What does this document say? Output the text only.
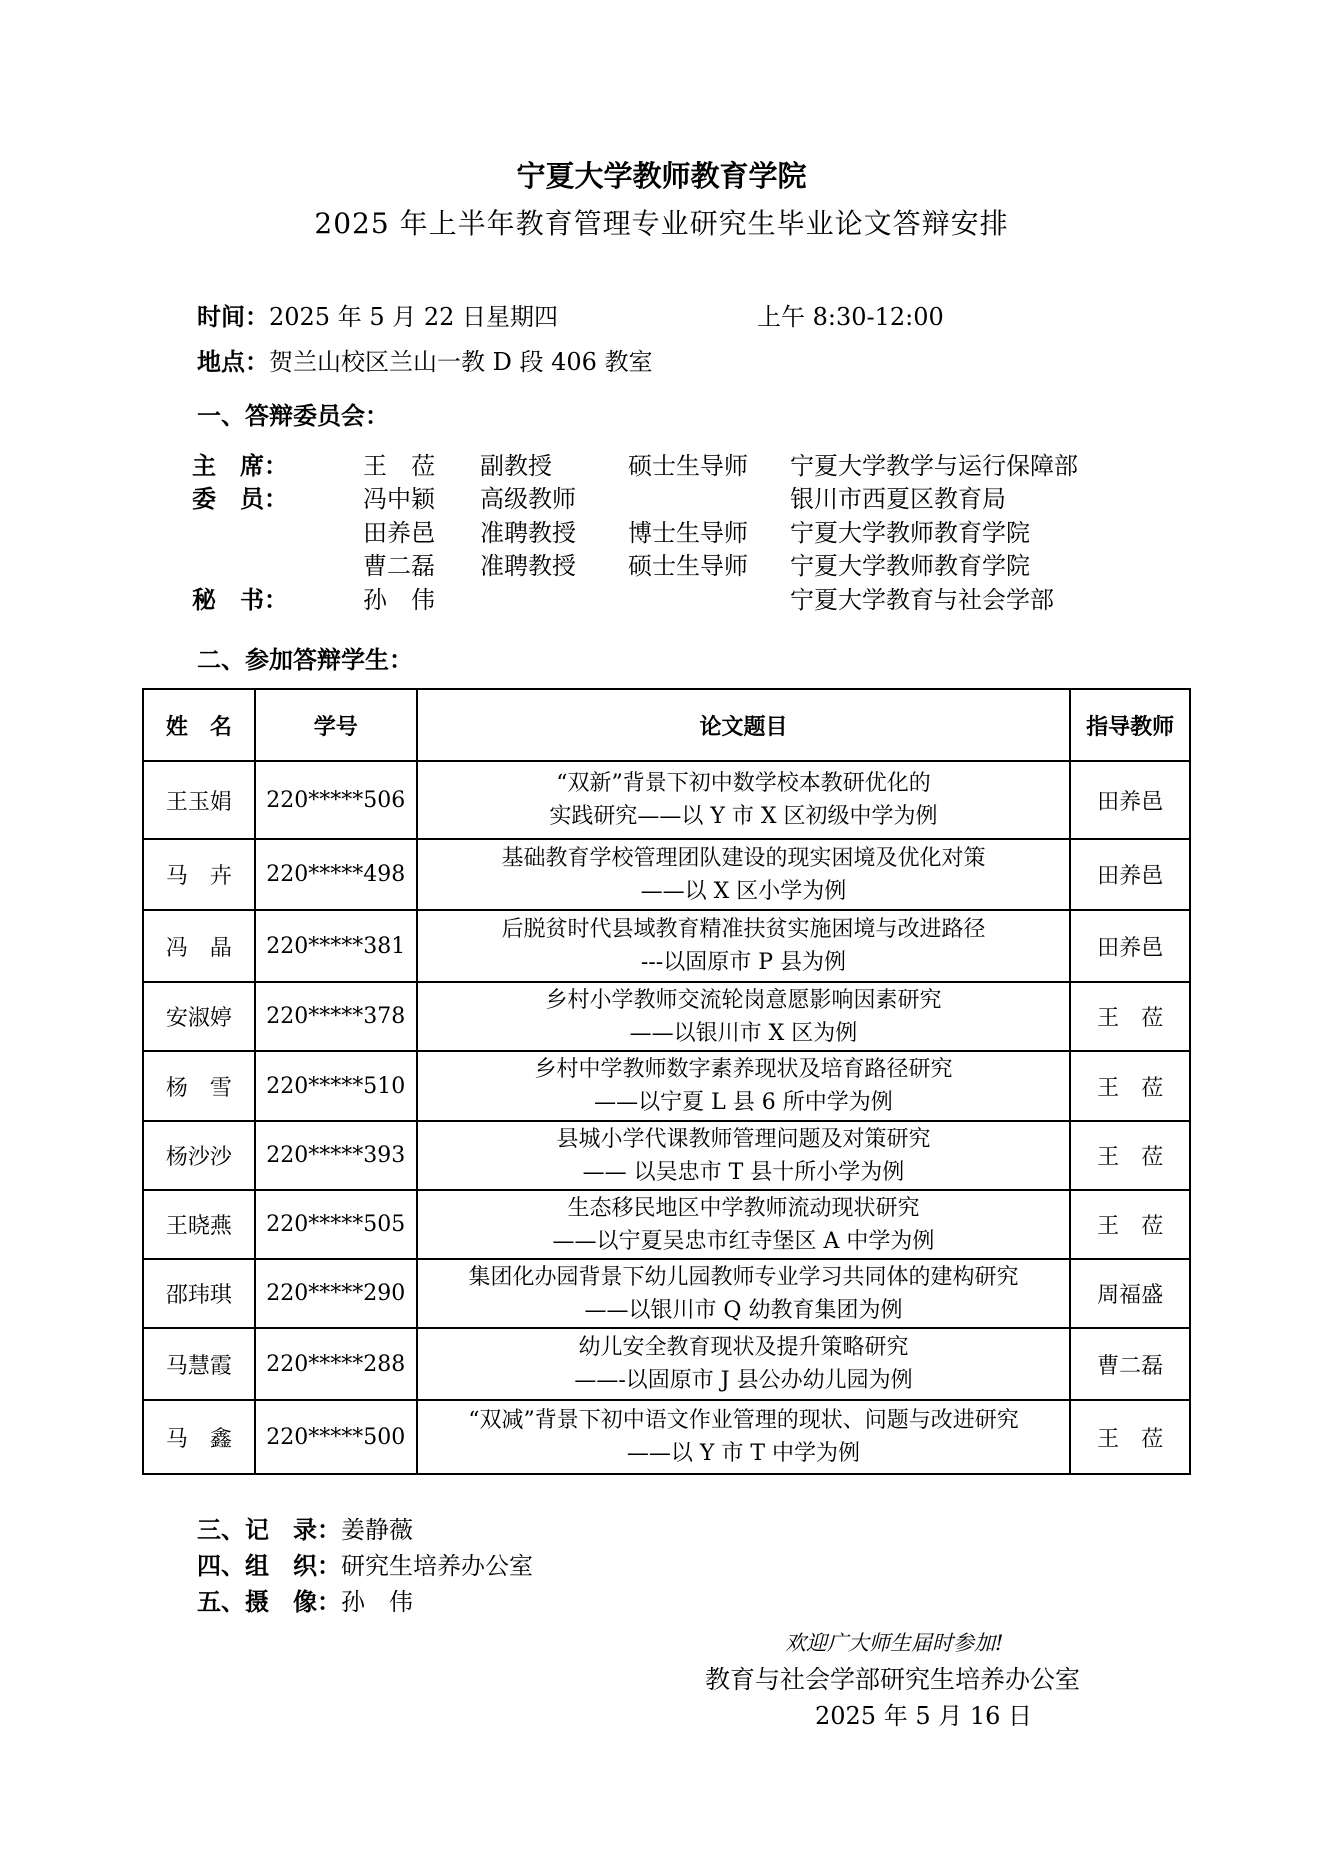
宁夏大学教师教育学院
2025 年上半年教育管理专业研究生毕业论文答辩安排
时间：2025 年 5 月 22 日星期四	上午 8:30-12:00
地点：贺兰山校区兰山一教 D 段 406 教室
一、答辩委员会：
主　席：	王　莅 副教授	硕士生导师 宁夏大学教学与运行保障部
委　员：	冯中颖 高级教师	银川市西夏区教育局
田养邑 准聘教授 博士生导师 宁夏大学教师教育学院
曹二磊 准聘教授 硕士生导师 宁夏大学教师教育学院
秘　书：	孙　伟	宁夏大学教育与社会学部
二、参加答辩学生：
姓　名	学号	论文题目	指导教师
王玉娟	220*****506	“双新”背景下初中数学校本教研优化的
实践研究——以 Y 市 X 区初级中学为例	田养邑
马　卉	220*****498	基础教育学校管理团队建设的现实困境及优化对策
——以 X 区小学为例	田养邑
冯　晶	220*****381	后脱贫时代县域教育精准扶贫实施困境与改进路径
---以固原市 P 县为例	田养邑
安淑婷	220*****378	乡村小学教师交流轮岗意愿影响因素研究
——以银川市 X 区为例	王　莅
杨　雪	220*****510	乡村中学教师数字素养现状及培育路径研究
——以宁夏 L 县 6 所中学为例	王　莅
杨沙沙	220*****393	县城小学代课教师管理问题及对策研究
—— 以吴忠市 T 县十所小学为例	王　莅
王晓燕	220*****505	生态移民地区中学教师流动现状研究
——以宁夏吴忠市红寺堡区 A 中学为例	王　莅
邵玮琪	220*****290	集团化办园背景下幼儿园教师专业学习共同体的建构研究
——以银川市 Q 幼教育集团为例	周福盛
马慧霞	220*****288	幼儿安全教育现状及提升策略研究
——-以固原市 J 县公办幼儿园为例	曹二磊
马　鑫	220*****500	“双减”背景下初中语文作业管理的现状、问题与改进研究
——以 Y 市 T 中学为例	王　莅
三、记　录：姜静薇
四、组　织：研究生培养办公室
五、摄　像：孙　伟
欢迎广大师生届时参加!
教育与社会学部研究生培养办公室
2025 年 5 月 16 日
